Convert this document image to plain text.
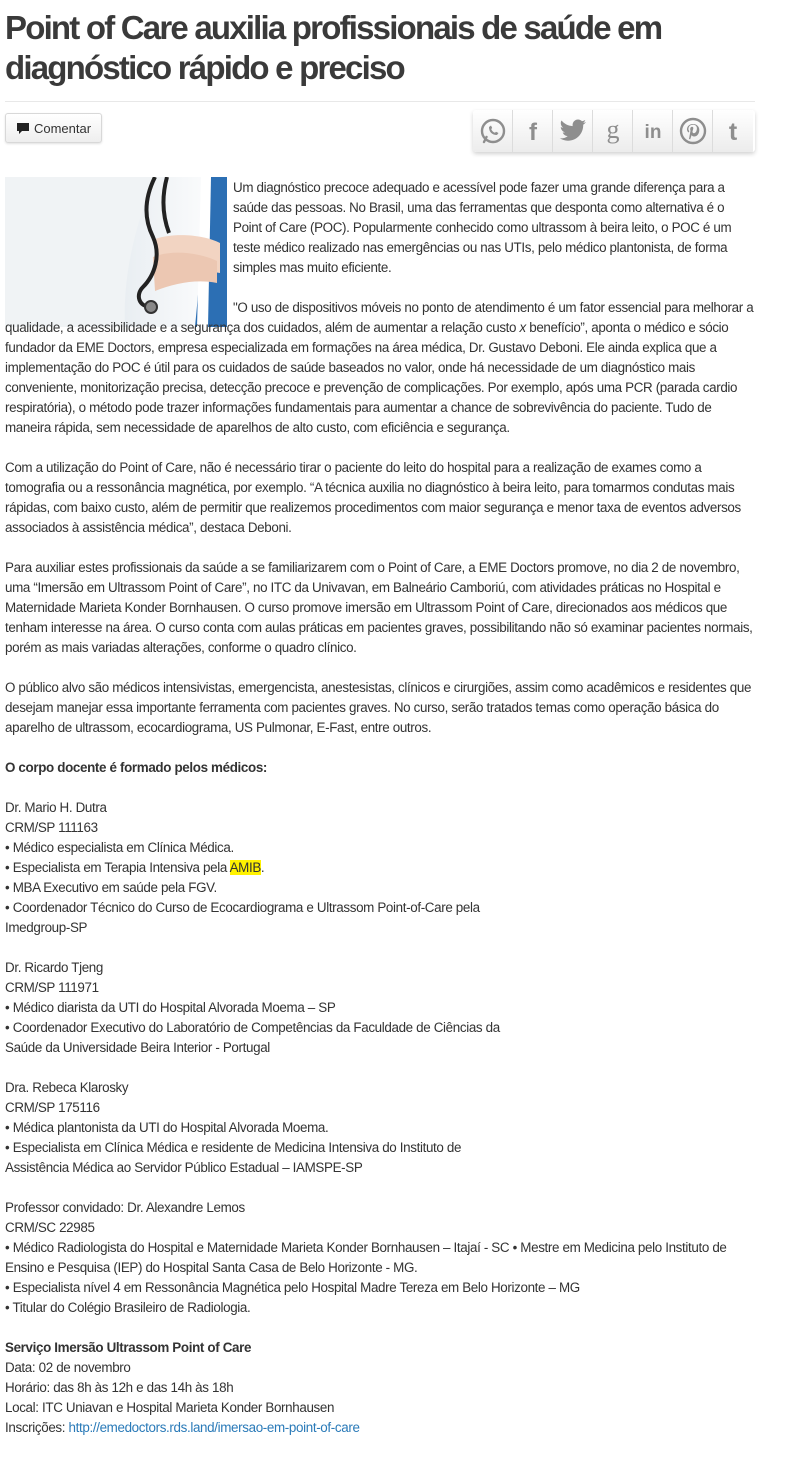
Point of Care auxilia profissionais de saúde em diagnóstico rápido e preciso
Comentar	f	g in	t

Um diagnóstico precoce adequado e acessível pode fazer uma grande diferença para a saúde das pessoas. No Brasil, uma das ferramentas que desponta como alternativa é o Point of Care (POC). Popularmente conhecido como ultrassom à beira leito, o POC é um teste médico realizado nas emergências ou nas UTIs, pelo médico plantonista, de forma simples mas muito eficiente.

"O uso de dispositivos móveis no ponto de atendimento é um fator essencial para melhorar a qualidade, a acessibilidade e a segurança dos cuidados, além de aumentar a relação custo x benefício”, aponta o médico e sócio fundador da EME Doctors, empresa especializada em formações na área médica, Dr. Gustavo Deboni. Ele ainda explica que a implementação do POC é útil para os cuidados de saúde baseados no valor, onde há necessidade de um diagnóstico mais conveniente, monitorização precisa, detecção precoce e prevenção de complicações. Por exemplo, após uma PCR (parada cardio respiratória), o método pode trazer informações fundamentais para aumentar a chance de sobrevivência do paciente. Tudo de maneira rápida, sem necessidade de aparelhos de alto custo, com eficiência e segurança.

Com a utilização do Point of Care, não é necessário tirar o paciente do leito do hospital para a realização de exames como a tomografia ou a ressonância magnética, por exemplo. “A técnica auxilia no diagnóstico à beira leito, para tomarmos condutas mais rápidas, com baixo custo, além de permitir que realizemos procedimentos com maior segurança e menor taxa de eventos adversos associados à assistência médica”, destaca Deboni.

Para auxiliar estes profissionais da saúde a se familiarizarem com o Point of Care, a EME Doctors promove, no dia 2 de novembro, uma “Imersão em Ultrassom Point of Care”, no ITC da Univavan, em Balneário Camboriú, com atividades práticas no Hospital e Maternidade Marieta Konder Bornhausen. O curso promove imersão em Ultrassom Point of Care, direcionados aos médicos que tenham interesse na área. O curso conta com aulas práticas em pacientes graves, possibilitando não só examinar pacientes normais, porém as mais variadas alterações, conforme o quadro clínico.

O público alvo são médicos intensivistas, emergencista, anestesistas, clínicos e cirurgiões, assim como acadêmicos e residentes que desejam manejar essa importante ferramenta com pacientes graves. No curso, serão tratados temas como operação básica do aparelho de ultrassom, ecocardiograma, US Pulmonar, E-Fast, entre outros.

O corpo docente é formado pelos médicos:

Dr. Mario H. Dutra
CRM/SP 111163
• Médico especialista em Clínica Médica.
• Especialista em Terapia Intensiva pela AMIB.
• MBA Executivo em saúde pela FGV.
• Coordenador Técnico do Curso de Ecocardiograma e Ultrassom Point-of-Care pela
Imedgroup-SP

Dr. Ricardo Tjeng
CRM/SP 111971
• Médico diarista da UTI do Hospital Alvorada Moema – SP
• Coordenador Executivo do Laboratório de Competências da Faculdade de Ciências da
Saúde da Universidade Beira Interior - Portugal

Dra. Rebeca Klarosky
CRM/SP 175116
• Médica plantonista da UTI do Hospital Alvorada Moema.
• Especialista em Clínica Médica e residente de Medicina Intensiva do Instituto de
Assistência Médica ao Servidor Público Estadual – IAMSPE-SP

Professor convidado: Dr. Alexandre Lemos
CRM/SC 22985
• Médico Radiologista do Hospital e Maternidade Marieta Konder Bornhausen – Itajaí - SC • Mestre em Medicina pelo Instituto de Ensino e Pesquisa (IEP) do Hospital Santa Casa de Belo Horizonte - MG.
• Especialista nível 4 em Ressonância Magnética pelo Hospital Madre Tereza em Belo Horizonte – MG
• Titular do Colégio Brasileiro de Radiologia.

Serviço Imersão Ultrassom Point of Care
Data: 02 de novembro
Horário: das 8h às 12h e das 14h às 18h
Local: ITC Uniavan e Hospital Marieta Konder Bornhausen
Inscrições: http://emedoctors.rds.land/imersao-em-point-of-care
